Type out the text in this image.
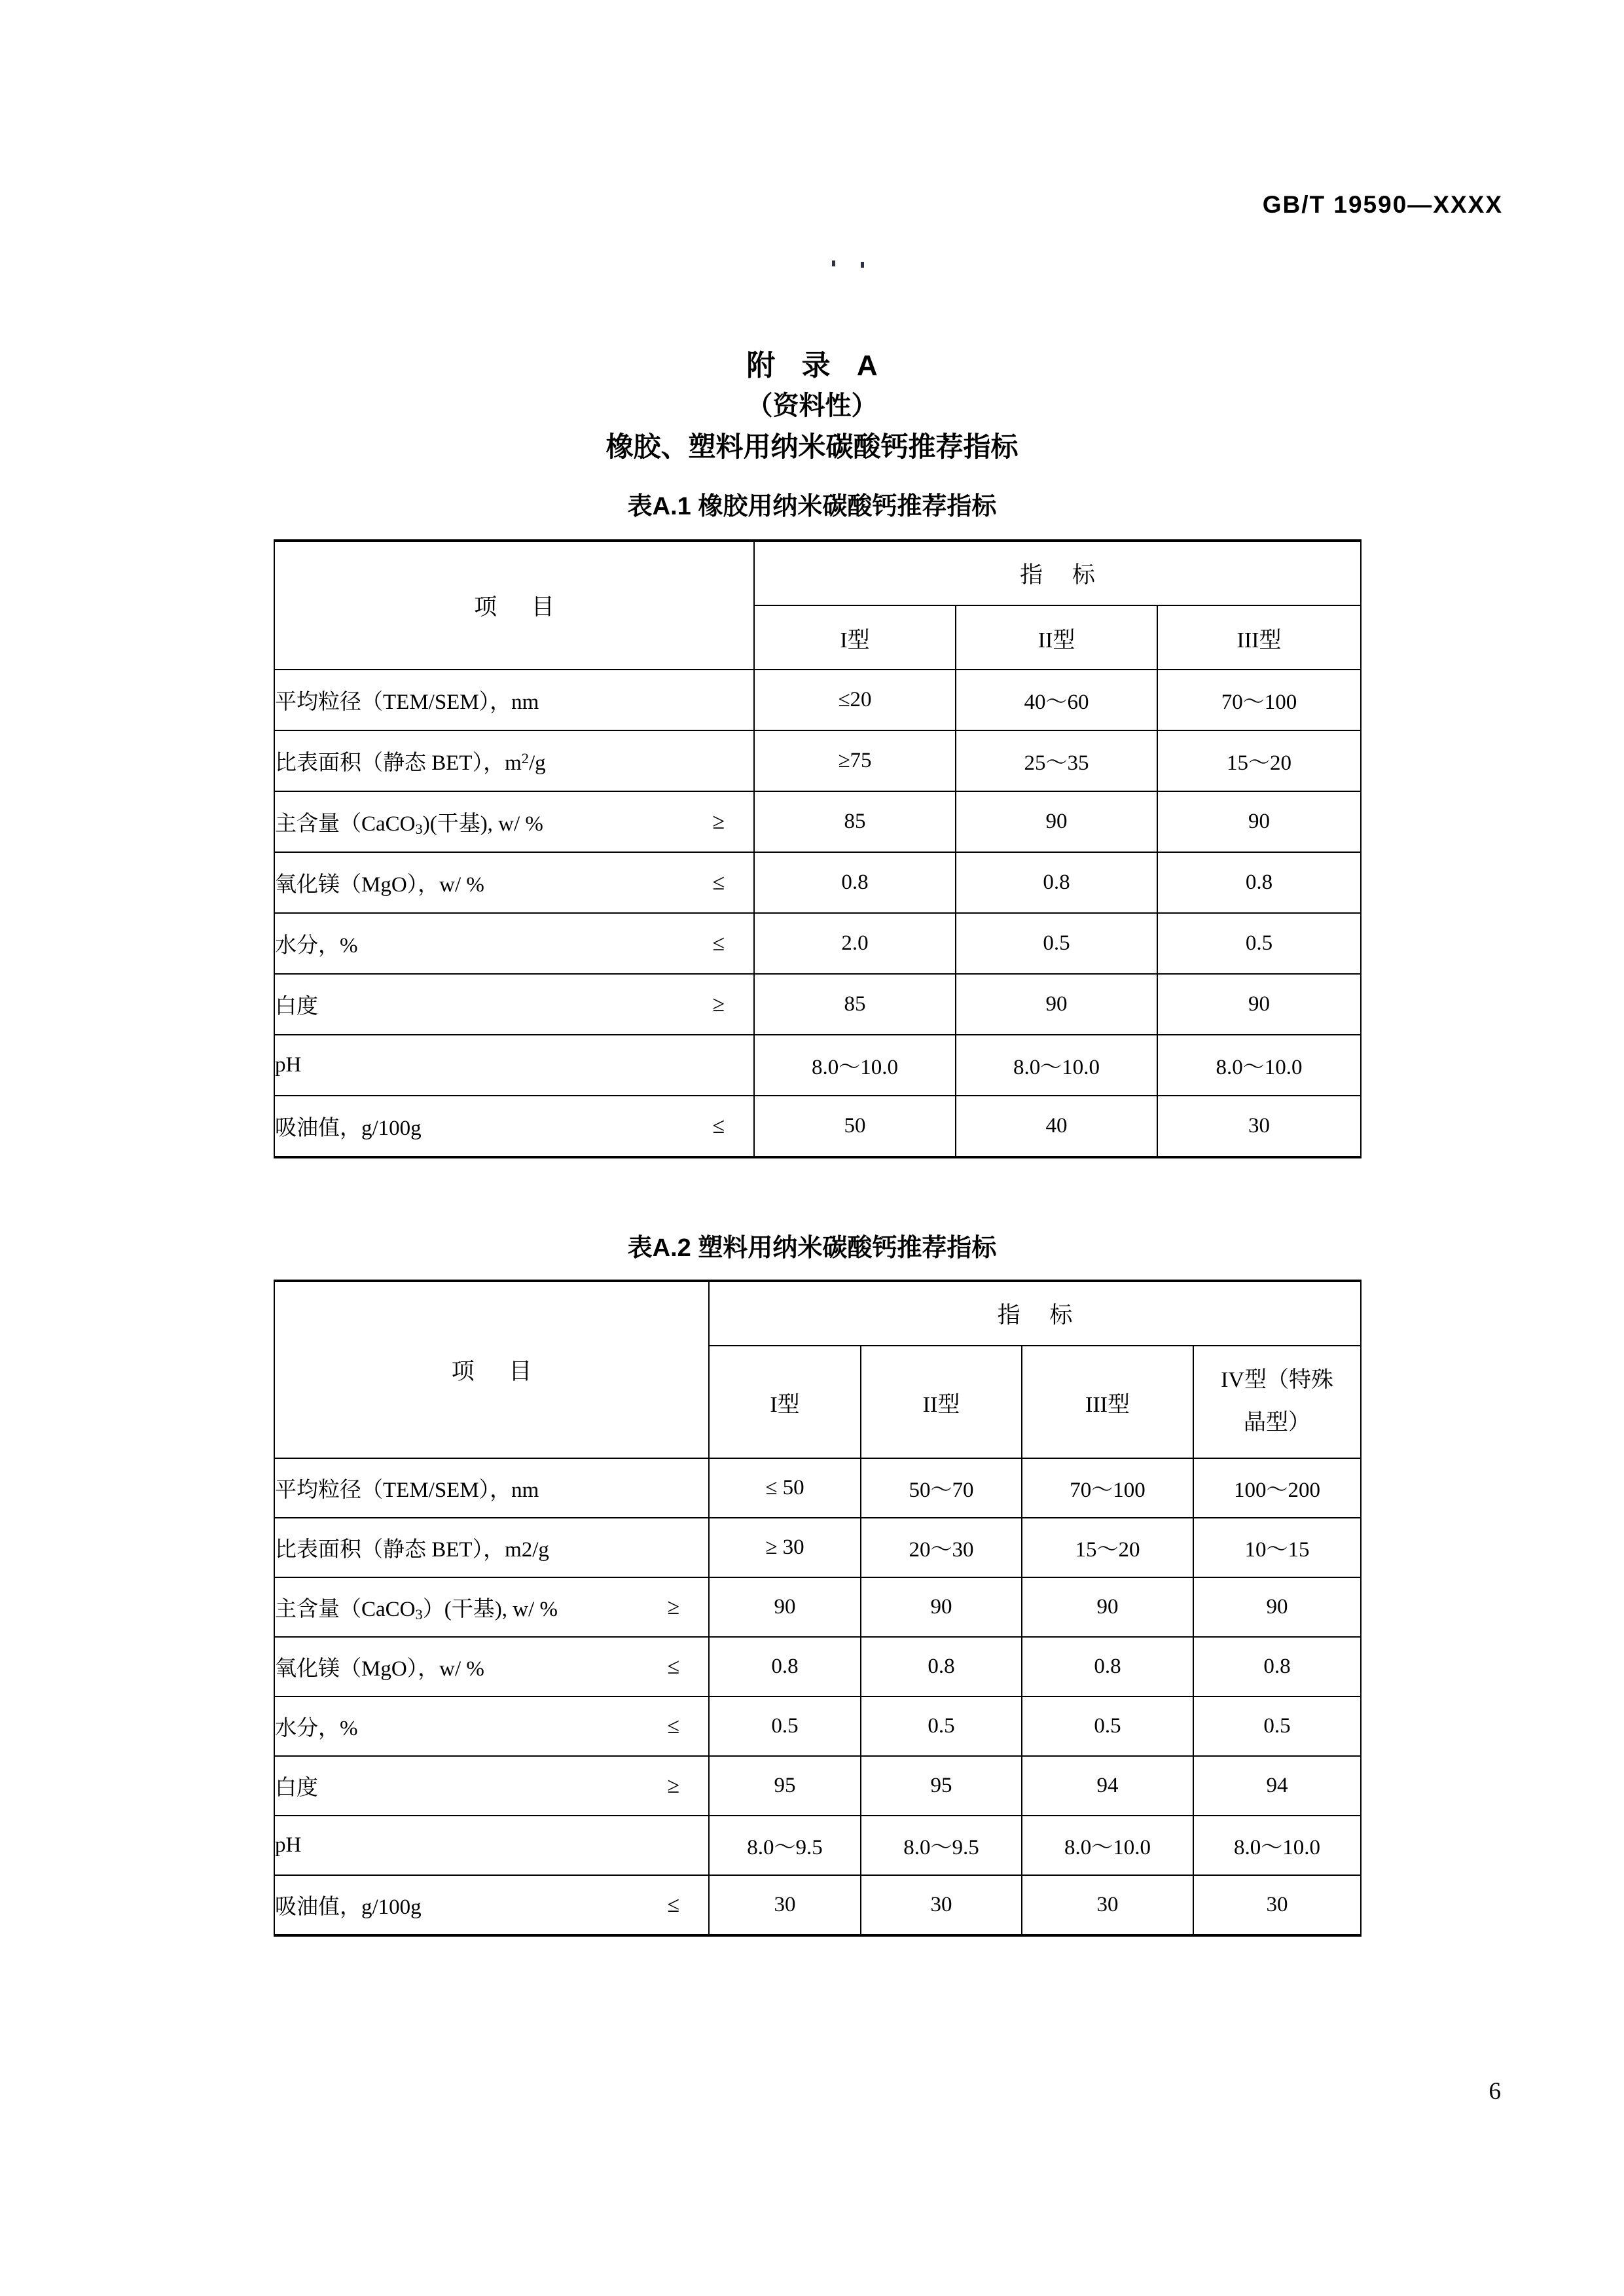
GB/T 19590—XXXX
附 录 A
（资料性）
橡胶、塑料用纳米碳酸钙推荐指标
表A.1 橡胶用纳米碳酸钙推荐指标
项 目	指 标		
	I型	II型	III型
平均粒径（TEM/SEM），nm	≤20	40～60	70～100
比表面积（静态 BET），$m^2/g$	≥75	25～35	15～20
主含量（CaCO$_3$)(干基), w/ % ≥	85	90	90
氧化镁（MgO），w/ % ≤	0.8	0.8	0.8
水分，% ≤	2.0	0.5	0.5
白度 ≥	85	90	90
pH	8.0～10.0	8.0～10.0	8.0～10.0
吸油值，g/100g ≤	50	40	30
表A.2 塑料用纳米碳酸钙推荐指标
项 目	指 标			
	I型	II型	III型	IV型（特殊
晶型）

平均粒径（TEM/SEM），nm	≤ 50	50～70	70～100	100～200
比表面积（静态 BET），m2/g	≥ 30	20～30	15～20	10～15
主含量（CaCO$_3$）(干基), w/ % ≥	90	90	90	90
氧化镁（MgO），w/ % ≤	0.8	0.8	0.8	0.8
水分，% ≤	0.5	0.5	0.5	0.5
白度 ≥	95	95	94	94
pH	8.0～9.5	8.0～9.5	8.0～10.0	8.0～10.0
吸油值，g/100g ≤	30	30	30	30
6
